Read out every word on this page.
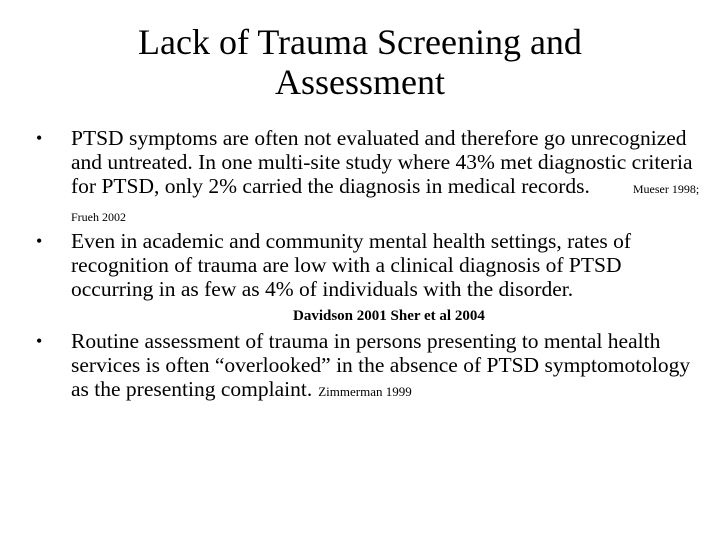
Lack of Trauma Screening and
Assessment
• PTSD symptoms are often not evaluated and therefore go unrecognized and untreated. In one multi-site study where 43% met diagnostic criteria for PTSD, only 2% carried the diagnosis in medical records.	Mueser 1998; Frueh 2002
• Even in academic and community mental health settings, rates of recognition of trauma are low with a clinical diagnosis of PTSD occurring in as few as 4% of individuals with the disorder.Davidson 2001 Sher et al 2004
• Routine assessment of trauma in persons presenting to mental health services is often “overlooked” in the absence of PTSD symptomotology as the presenting complaint. Zimmerman 1999
